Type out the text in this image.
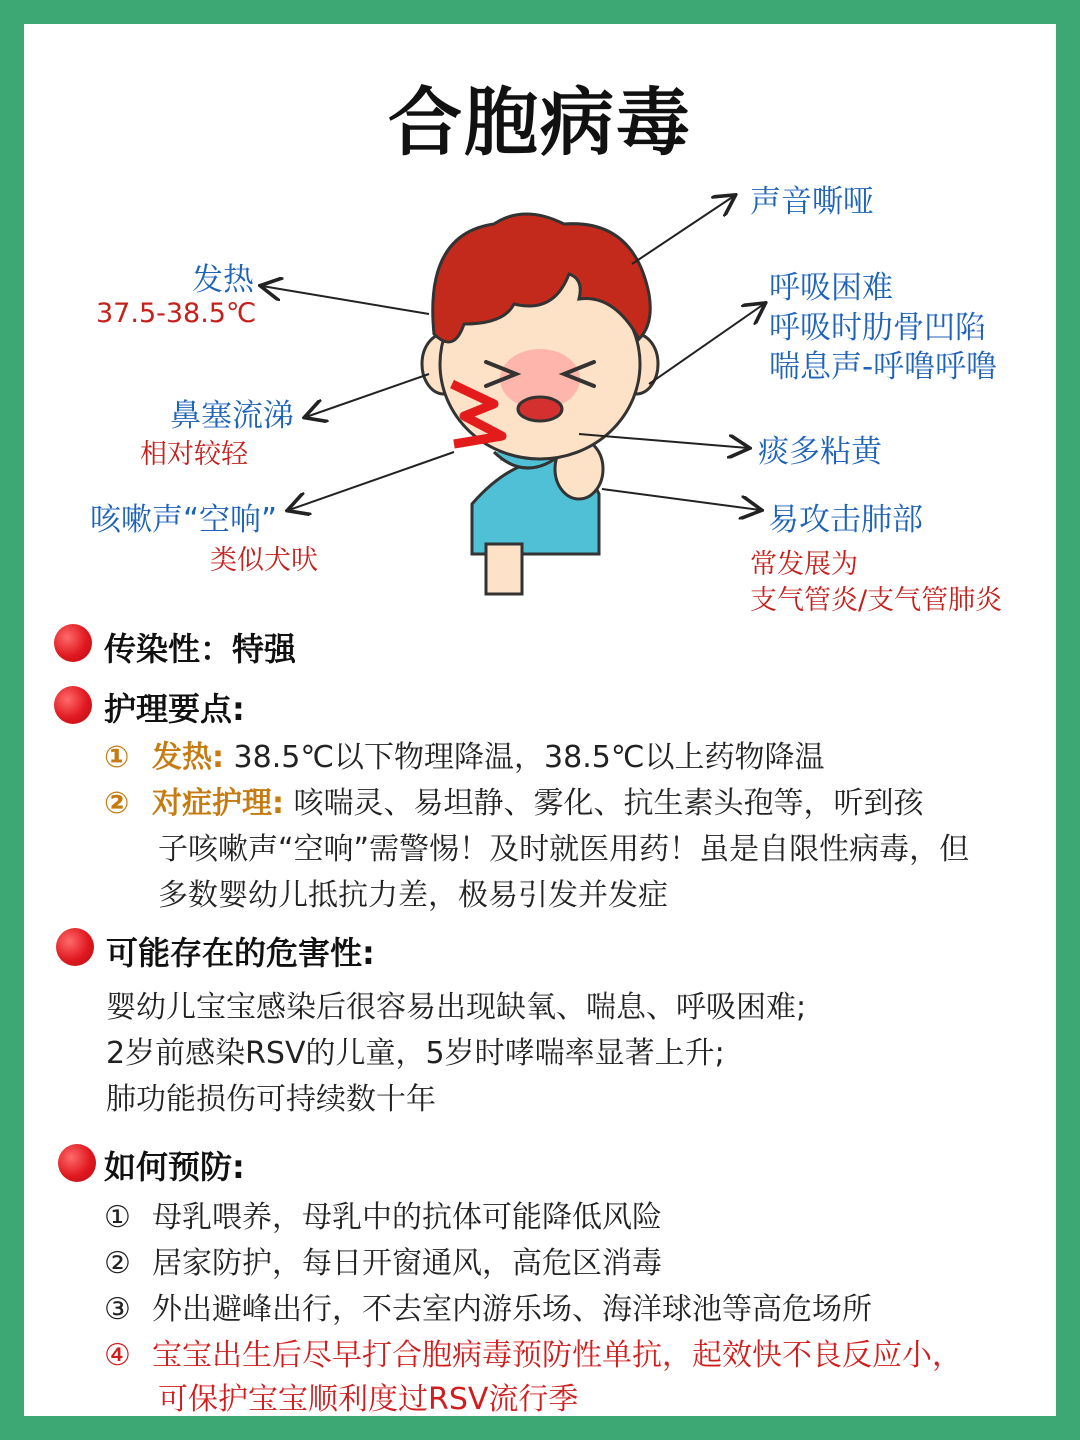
合胞病毒
声音嘶哑
发热
37.5-38.5℃
呼吸困难
呼吸时肋骨凹陷
喘息声-呼噜呼噜
鼻塞流涕
相对较轻	痰多粘黄
咳嗽声“空响”
类似犬吠
易攻击肺部
常发展为
支气管炎/支气管肺炎
传染性：特强
护理要点:
① 发热: 38.5℃以下物理降温，38.5℃以上药物降温
② 对症护理: 咳喘灵、易坦静、雾化、抗生素头孢等，听到孩
子咳嗽声“空响”需警惕！及时就医用药！虽是自限性病毒，但
多数婴幼儿抵抗力差，极易引发并发症
可能存在的危害性:
婴幼儿宝宝感染后很容易出现缺氧、喘息、呼吸困难;
2岁前感染RSV的儿童，5岁时哮喘率显著上升;
肺功能损伤可持续数十年
如何预防:
① 母乳喂养，母乳中的抗体可能降低风险
② 居家防护，每日开窗通风，高危区消毒
③ 外出避峰出行，不去室内游乐场、海洋球池等高危场所
④ 宝宝出生后尽早打合胞病毒预防性单抗，起效快不良反应小，
可保护宝宝顺利度过RSV流行季
